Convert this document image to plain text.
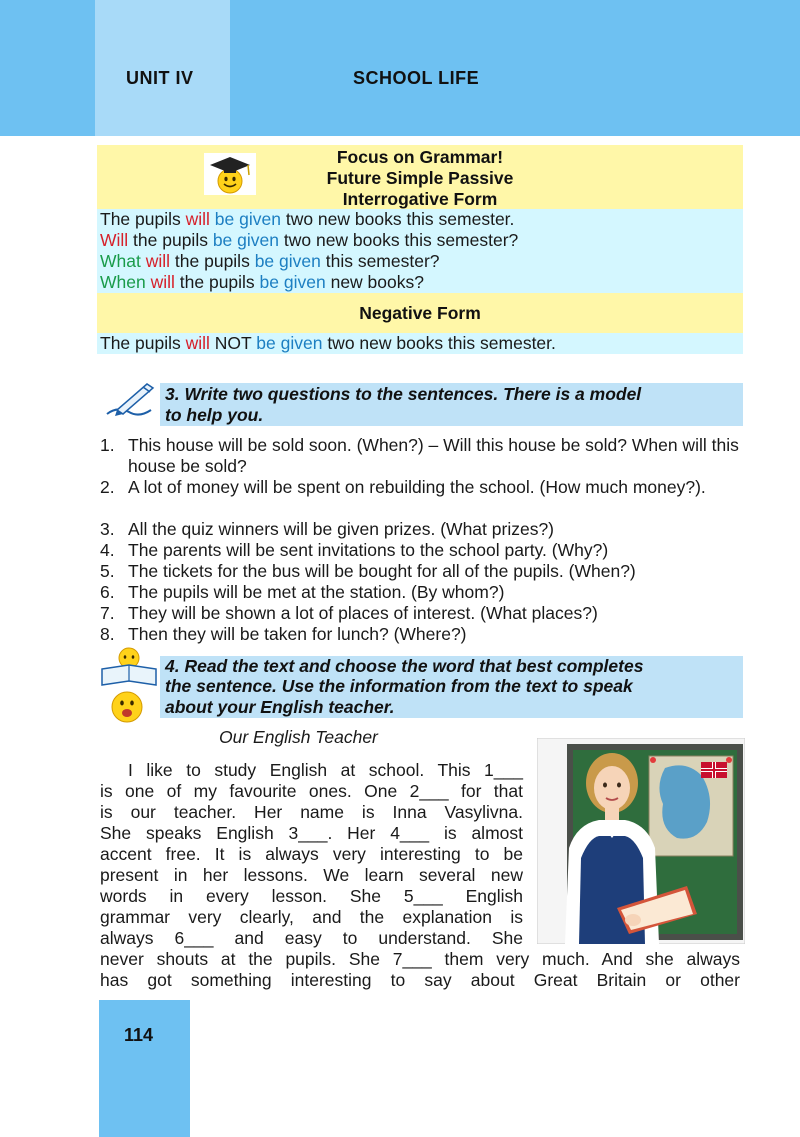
UNIT IV	SCHOOL LIFE
Focus on Grammar!
Future Simple Passive
Interrogative Form
The pupils will be given two new books this semester.
Will the pupils be given two new books this semester?
What will the pupils be given this semester?
When will the pupils be given new books?
Negative Form
The pupils will NOT be given two new books this semester.
3. Write two questions to the sentences. There is a model
to help you.
1. This house will be sold soon. (When?) – Will this house be sold? When will this house be sold?
2. A lot of money will be spent on rebuilding the school. (How much money?).
3. All the quiz winners will be given prizes. (What prizes?)
4. The parents will be sent invitations to the school party. (Why?)
5. The tickets for the bus will be bought for all of the pupils. (When?)
6. The pupils will be met at the station. (By whom?)
7. They will be shown a lot of places of interest. (What places?)
8. Then they will be taken for lunch? (Where?)
4. Read the text and choose the word that best completes
the sentence. Use the information from the text to speak
about your English teacher.
Our English Teacher
I like to study English at school. This 1___
is one of my favourite ones. One 2___ for that
is our teacher. Her name is Inna Vasylivna.
She speaks English 3___. Her 4___ is almost
accent free. It is always very interesting to be
present in her lessons. We learn several new
words in every lesson. She 5___ English
grammar very clearly, and the explanation is
always 6___ and easy to understand. She
never shouts at the pupils. She 7___ them very much. And she always
has got something interesting to say about Great Britain or other
114
